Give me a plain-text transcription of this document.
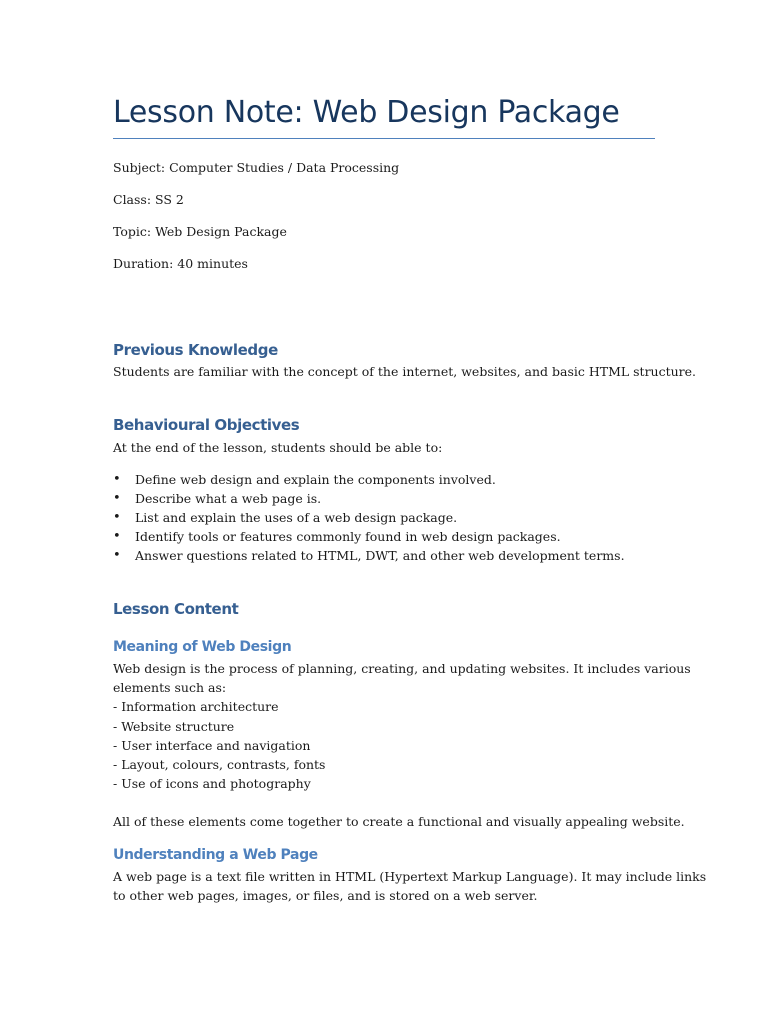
Lesson Note: Web Design Package
Subject: Computer Studies / Data Processing
Class: SS 2
Topic: Web Design Package
Duration: 40 minutes
Previous Knowledge
Students are familiar with the concept of the internet, websites, and basic HTML structure.
Behavioural Objectives
At the end of the lesson, students should be able to:
•	Define web design and explain the components involved.
•	Describe what a web page is.
•	List and explain the uses of a web design package.
•	Identify tools or features commonly found in web design packages.
•	Answer questions related to HTML, DWT, and other web development terms.
Lesson Content
Meaning of Web Design
Web design is the process of planning, creating, and updating websites. It includes various
elements such as:
- Information architecture
- Website structure
- User interface and navigation
- Layout, colours, contrasts, fonts
- Use of icons and photography
All of these elements come together to create a functional and visually appealing website.
Understanding a Web Page
A web page is a text file written in HTML (Hypertext Markup Language). It may include links
to other web pages, images, or files, and is stored on a web server.
